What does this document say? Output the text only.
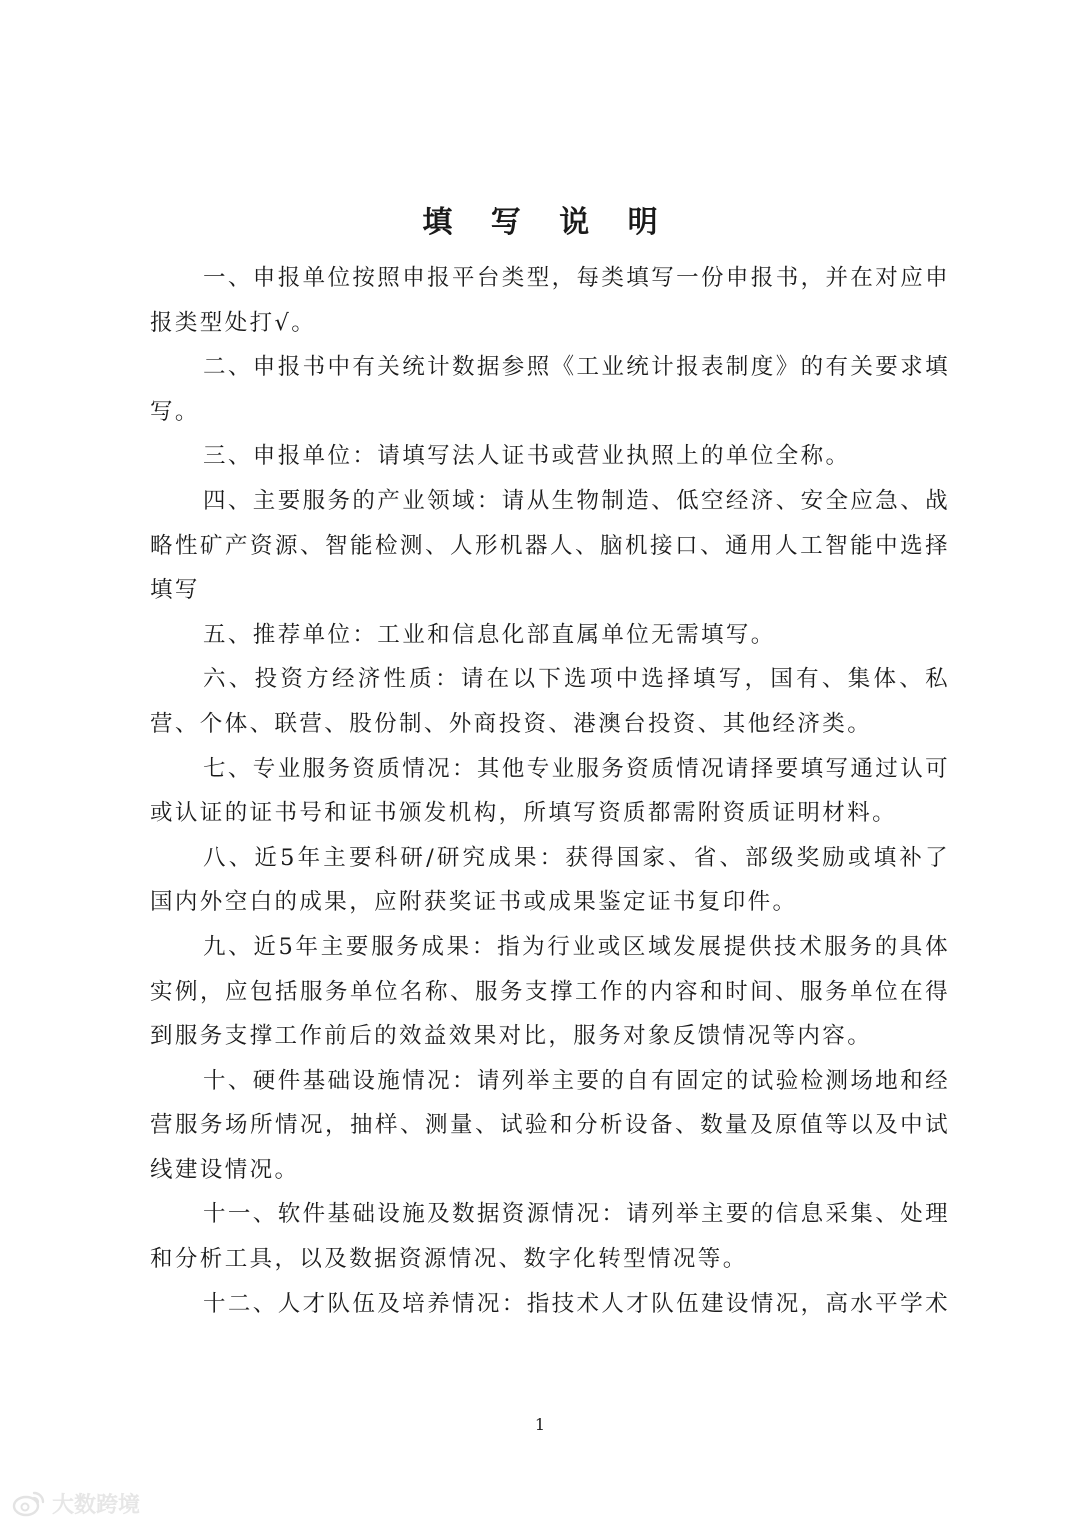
填 写 说 明

一、申报单位按照申报平台类型，每类填写一份申报书，并在对应申报类型处打√。

二、申报书中有关统计数据参照《工业统计报表制度》的有关要求填写。

三、申报单位：请填写法人证书或营业执照上的单位全称。

四、主要服务的产业领域：请从生物制造、低空经济、安全应急、战略性矿产资源、智能检测、人形机器人、脑机接口、通用人工智能中选择填写

五、推荐单位：工业和信息化部直属单位无需填写。

六、投资方经济性质：请在以下选项中选择填写，国有、集体、私营、个体、联营、股份制、外商投资、港澳台投资、其他经济类。

七、专业服务资质情况：其他专业服务资质情况请择要填写通过认可或认证的证书号和证书颁发机构，所填写资质都需附资质证明材料。

八、近5年主要科研/研究成果：获得国家、省、部级奖励或填补了国内外空白的成果，应附获奖证书或成果鉴定证书复印件。

九、近5年主要服务成果：指为行业或区域发展提供技术服务的具体实例，应包括服务单位名称、服务支撑工作的内容和时间、服务单位在得到服务支撑工作前后的效益效果对比，服务对象反馈情况等内容。

十、硬件基础设施情况：请列举主要的自有固定的试验检测场地和经营服务场所情况，抽样、测量、试验和分析设备、数量及原值等以及中试线建设情况。

十一、软件基础设施及数据资源情况：请列举主要的信息采集、处理和分析工具，以及数据资源情况、数字化转型情况等。

十二、人才队伍及培养情况：指技术人才队伍建设情况，高水平学术

1
大数跨境
